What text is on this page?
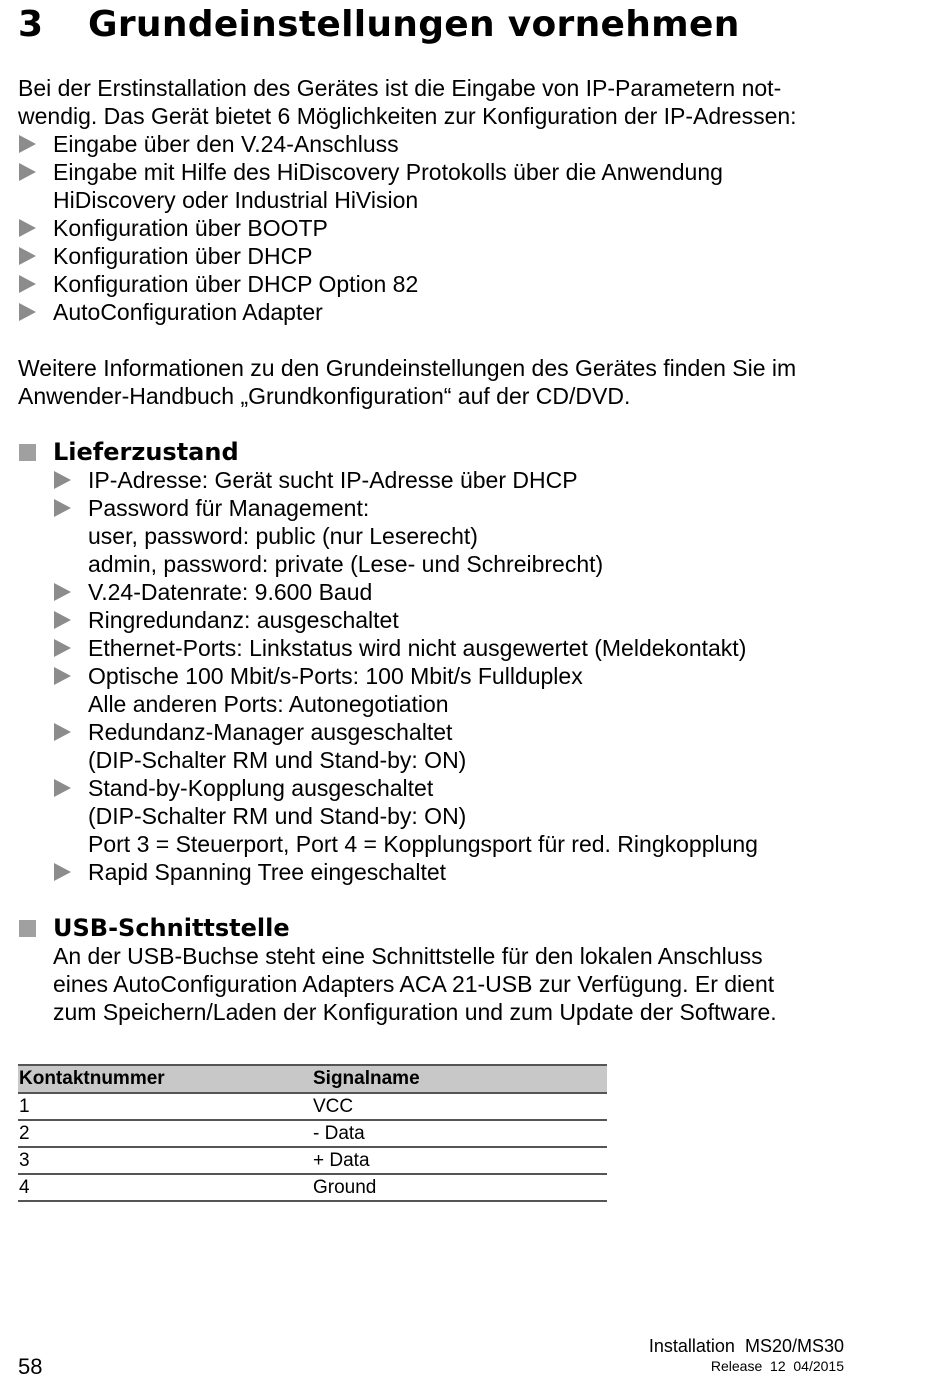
3 Grundeinstellungen vornehmen
Bei der Erstinstallation des Gerätes ist die Eingabe von IP-Parametern not-
wendig. Das Gerät bietet 6 Möglichkeiten zur Konfiguration der IP-Adressen:
Eingabe über den V.24-Anschluss
Eingabe mit Hilfe des HiDiscovery Protokolls über die Anwendung
HiDiscovery oder Industrial HiVision
Konfiguration über BOOTP
Konfiguration über DHCP
Konfiguration über DHCP Option 82
AutoConfiguration Adapter
Weitere Informationen zu den Grundeinstellungen des Gerätes finden Sie im
Anwender-Handbuch „Grundkonfiguration“ auf der CD/DVD.
Lieferzustand
IP-Adresse: Gerät sucht IP-Adresse über DHCP
Password für Management:
user, password: public (nur Leserecht)
admin, password: private (Lese- und Schreibrecht)
V.24-Datenrate: 9.600 Baud
Ringredundanz: ausgeschaltet
Ethernet-Ports: Linkstatus wird nicht ausgewertet (Meldekontakt)
Optische 100 Mbit/s-Ports: 100 Mbit/s Fullduplex
Alle anderen Ports: Autonegotiation
Redundanz-Manager ausgeschaltet
(DIP-Schalter RM und Stand-by: ON)
Stand-by-Kopplung ausgeschaltet
(DIP-Schalter RM und Stand-by: ON)
Port 3 = Steuerport, Port 4 = Kopplungsport für red. Ringkopplung
Rapid Spanning Tree eingeschaltet
USB-Schnittstelle
An der USB-Buchse steht eine Schnittstelle für den lokalen Anschluss
eines AutoConfiguration Adapters ACA 21-USB zur Verfügung. Er dient
zum Speichern/Laden der Konfiguration und zum Update der Software.
Kontaktnummer	Signalname
1	VCC
2	- Data
3	+ Data
4	Ground
58
Installation  MS20/MS30
Release  12  04/2015
